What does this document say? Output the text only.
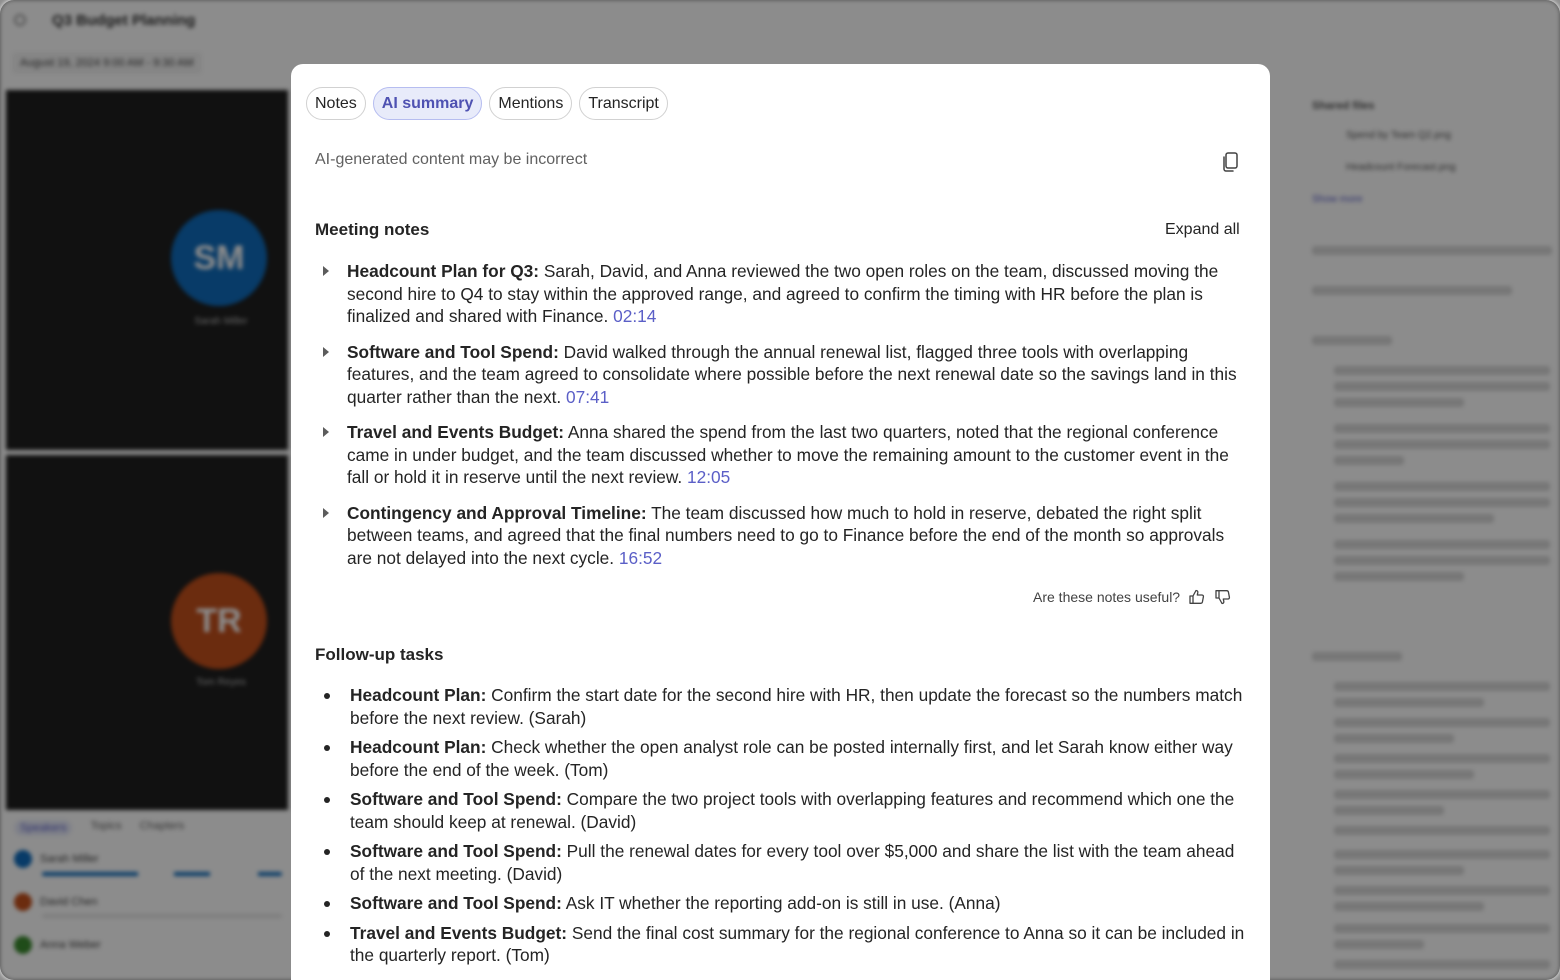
Q3 Budget Planning
August 19, 2024 9:00 AM - 9:30 AM
SM
Sarah Miller
TR
Tom Reyes
Speakers	Topics Chapters
Sarah Miller
David Chen
Anna Weber
Shared files
Spend by Team Q2.png
Headcount Forecast.png
Show more
Notes	AI summary	Mentions	Transcript
AI-generated content may be incorrect
Meeting notes	Expand all
Headcount Plan for Q3: Sarah, David, and Anna reviewed the two open roles on the team, discussed moving the second hire to Q4 to stay within the approved range, and agreed to confirm the timing with HR before the plan is finalized and shared with Finance. 02:14
Software and Tool Spend: David walked through the annual renewal list, flagged three tools with overlapping features, and the team agreed to consolidate where possible before the next renewal date so the savings land in this quarter rather than the next. 07:41
Travel and Events Budget: Anna shared the spend from the last two quarters, noted that the regional conference came in under budget, and the team discussed whether to move the remaining amount to the customer event in the fall or hold it in reserve until the next review. 12:05
Contingency and Approval Timeline: The team discussed how much to hold in reserve, debated the right split between teams, and agreed that the final numbers need to go to Finance before the end of the month so approvals are not delayed into the next cycle. 16:52
Are these notes useful?
Follow-up tasks
Headcount Plan: Confirm the start date for the second hire with HR, then update the forecast so the numbers match before the next review. (Sarah)
Headcount Plan: Check whether the open analyst role can be posted internally first, and let Sarah know either way before the end of the week. (Tom)
Software and Tool Spend: Compare the two project tools with overlapping features and recommend which one the team should keep at renewal. (David)
Software and Tool Spend: Pull the renewal dates for every tool over $5,000 and share the list with the team ahead of the next meeting. (David)
Software and Tool Spend: Ask IT whether the reporting add-on is still in use. (Anna)
Travel and Events Budget: Send the final cost summary for the regional conference to Anna so it can be included in the quarterly report. (Tom)
